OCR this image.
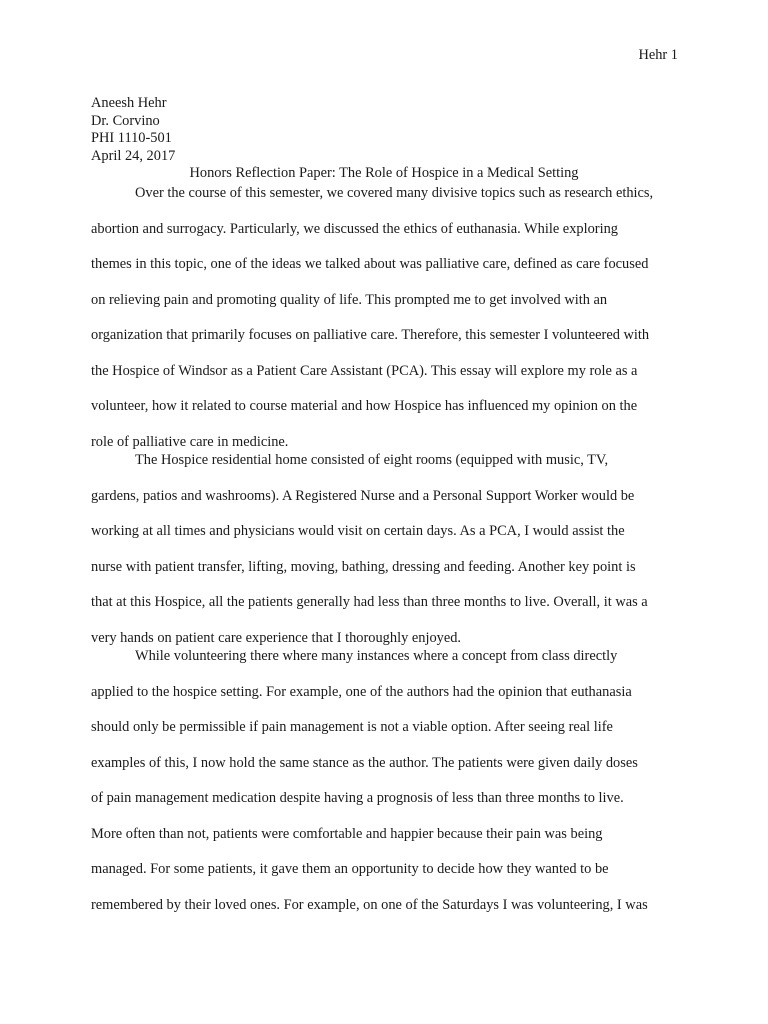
Hehr 1
Aneesh Hehr
Dr. Corvino
PHI 1110-501
April 24, 2017
Honors Reflection Paper: The Role of Hospice in a Medical Setting
Over the course of this semester, we covered many divisive topics such as research ethics,
abortion and surrogacy. Particularly, we discussed the ethics of euthanasia. While exploring
themes in this topic, one of the ideas we talked about was palliative care, defined as care focused
on relieving pain and promoting quality of life. This prompted me to get involved with an
organization that primarily focuses on palliative care. Therefore, this semester I volunteered with
the Hospice of Windsor as a Patient Care Assistant (PCA). This essay will explore my role as a
volunteer, how it related to course material and how Hospice has influenced my opinion on the
role of palliative care in medicine.
The Hospice residential home consisted of eight rooms (equipped with music, TV,
gardens, patios and washrooms). A Registered Nurse and a Personal Support Worker would be
working at all times and physicians would visit on certain days. As a PCA, I would assist the
nurse with patient transfer, lifting, moving, bathing, dressing and feeding. Another key point is
that at this Hospice, all the patients generally had less than three months to live. Overall, it was a
very hands on patient care experience that I thoroughly enjoyed.
While volunteering there where many instances where a concept from class directly
applied to the hospice setting. For example, one of the authors had the opinion that euthanasia
should only be permissible if pain management is not a viable option. After seeing real life
examples of this, I now hold the same stance as the author. The patients were given daily doses
of pain management medication despite having a prognosis of less than three months to live.
More often than not, patients were comfortable and happier because their pain was being
managed. For some patients, it gave them an opportunity to decide how they wanted to be
remembered by their loved ones. For example, on one of the Saturdays I was volunteering, I was
